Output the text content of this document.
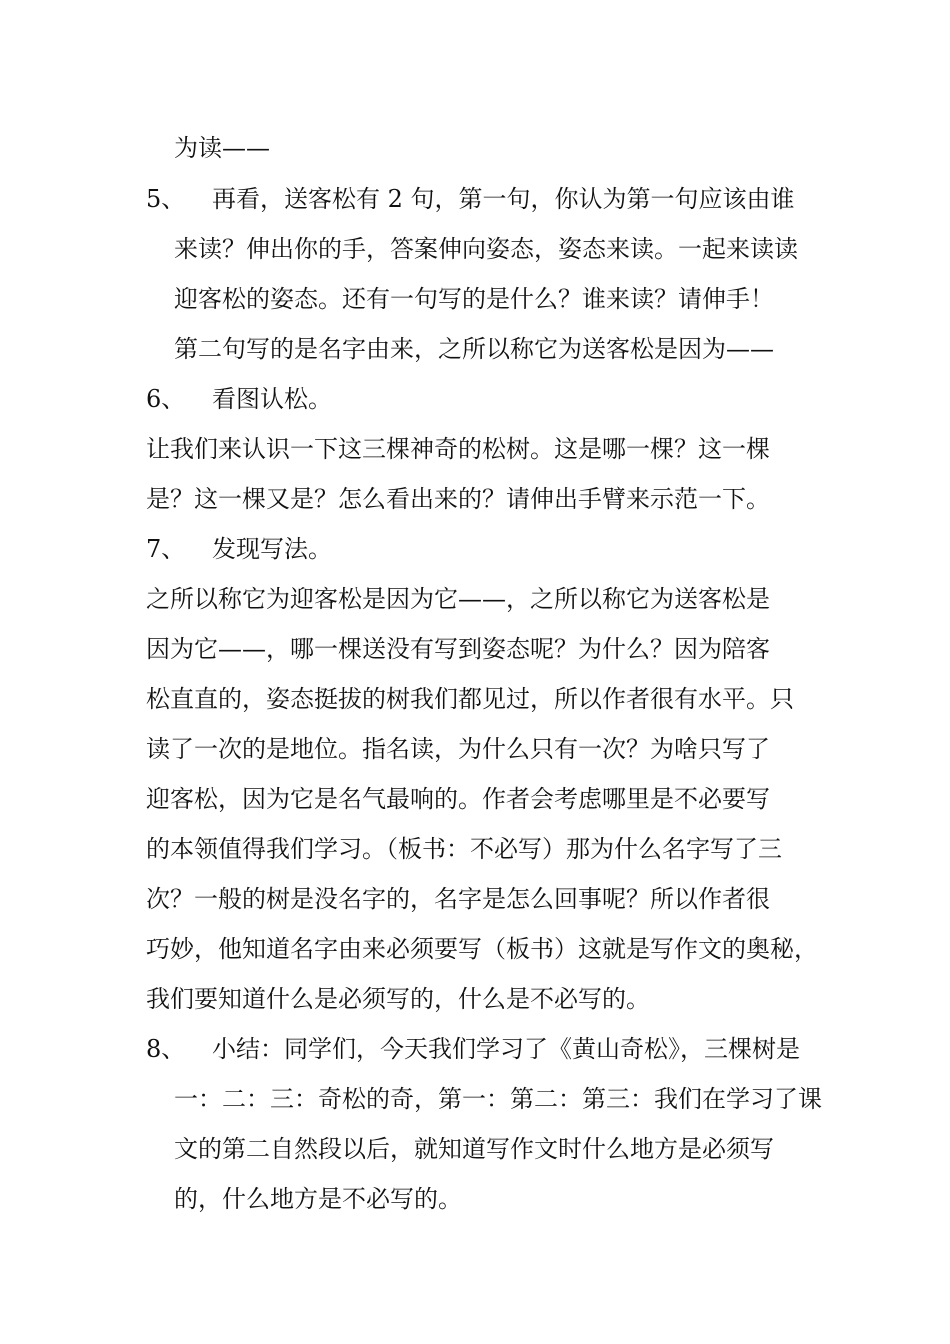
为读——
5、 再看，送客松有 2 句，第一句，你认为第一句应该由谁
来读？伸出你的手，答案伸向姿态，姿态来读。一起来读读
迎客松的姿态。还有一句写的是什么？谁来读？请伸手！
第二句写的是名字由来，之所以称它为送客松是因为——
6、 看图认松。
让我们来认识一下这三棵神奇的松树。这是哪一棵？这一棵
是？这一棵又是？怎么看出来的？请伸出手臂来示范一下。
7、 发现写法。
之所以称它为迎客松是因为它——，之所以称它为送客松是
因为它——，哪一棵送没有写到姿态呢？为什么？因为陪客
松直直的，姿态挺拔的树我们都见过，所以作者很有水平。只
读了一次的是地位。指名读，为什么只有一次？为啥只写了
迎客松，因为它是名气最响的。作者会考虑哪里是不必要写
的本领值得我们学习。（板书：不必写）那为什么名字写了三
次？一般的树是没名字的，名字是怎么回事呢？所以作者很
巧妙，他知道名字由来必须要写（板书）这就是写作文的奥秘，
我们要知道什么是必须写的，什么是不必写的。
8、 小结：同学们，今天我们学习了《黄山奇松》，三棵树是
一：二：三：奇松的奇，第一：第二：第三：我们在学习了课
文的第二自然段以后，就知道写作文时什么地方是必须写
的，什么地方是不必写的。
